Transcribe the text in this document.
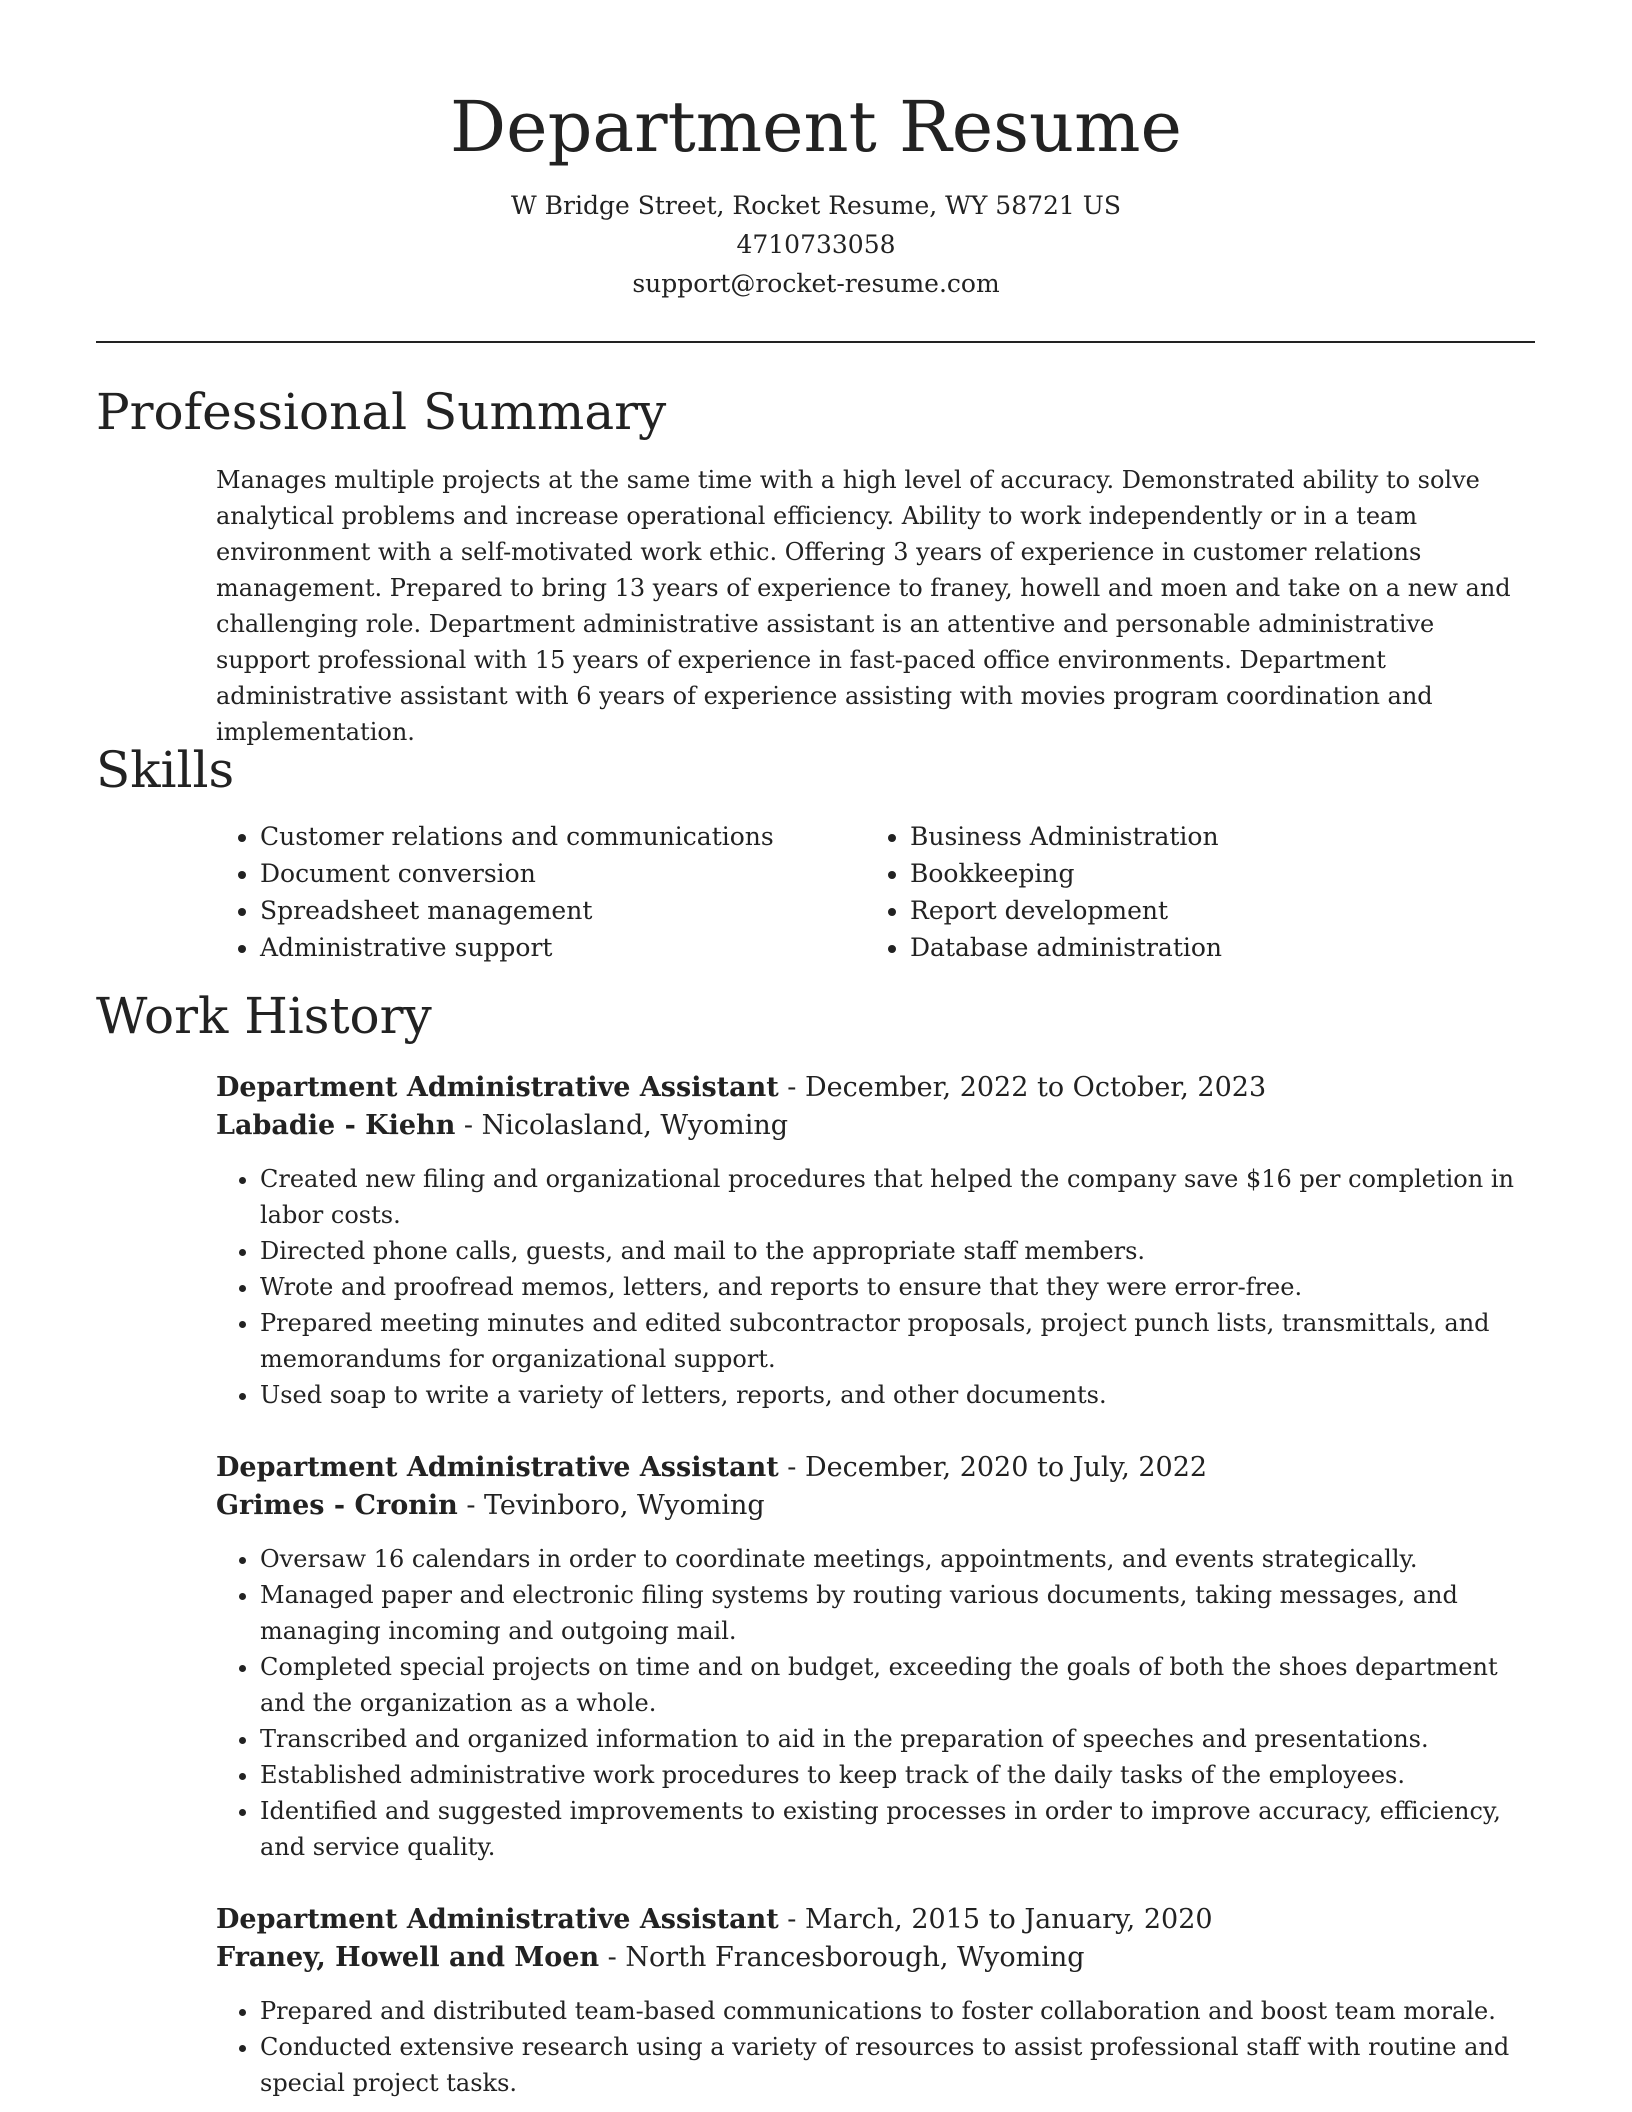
Department Resume
W Bridge Street, Rocket Resume, WY 58721 US
4710733058
support@rocket-resume.com
Professional Summary

Manages multiple projects at the same time with a high level of accuracy. Demonstrated ability to solve analytical problems and increase operational efficiency. Ability to work independently or in a team environment with a self-motivated work ethic. Offering 3 years of experience in customer relations management. Prepared to bring 13 years of experience to franey, howell and moen and take on a new and challenging role. Department administrative assistant is an attentive and personable administrative support professional with 15 years of experience in fast-paced office environments. Department administrative assistant with 6 years of experience assisting with movies program coordination and implementation.

Skills
• Customer relations and communications
• Document conversion
• Spreadsheet management
• Administrative support
• Business Administration
• Bookkeeping
• Report development
• Database administration
Work History
Department Administrative Assistant - December, 2022 to October, 2023
Labadie - Kiehn - Nicolasland, Wyoming
• Created new filing and organizational procedures that helped the company save $16 per completion in labor costs.
• Directed phone calls, guests, and mail to the appropriate staff members.
• Wrote and proofread memos, letters, and reports to ensure that they were error-free.
• Prepared meeting minutes and edited subcontractor proposals, project punch lists, transmittals, and memorandums for organizational support.
• Used soap to write a variety of letters, reports, and other documents.
Department Administrative Assistant - December, 2020 to July, 2022
Grimes - Cronin - Tevinboro, Wyoming
• Oversaw 16 calendars in order to coordinate meetings, appointments, and events strategically.
• Managed paper and electronic filing systems by routing various documents, taking messages, and managing incoming and outgoing mail.
• Completed special projects on time and on budget, exceeding the goals of both the shoes department and the organization as a whole.
• Transcribed and organized information to aid in the preparation of speeches and presentations.
• Established administrative work procedures to keep track of the daily tasks of the employees.
• Identified and suggested improvements to existing processes in order to improve accuracy, efficiency, and service quality.
Department Administrative Assistant - March, 2015 to January, 2020
Franey, Howell and Moen - North Francesborough, Wyoming
• Prepared and distributed team-based communications to foster collaboration and boost team morale.
• Conducted extensive research using a variety of resources to assist professional staff with routine and special project tasks.
